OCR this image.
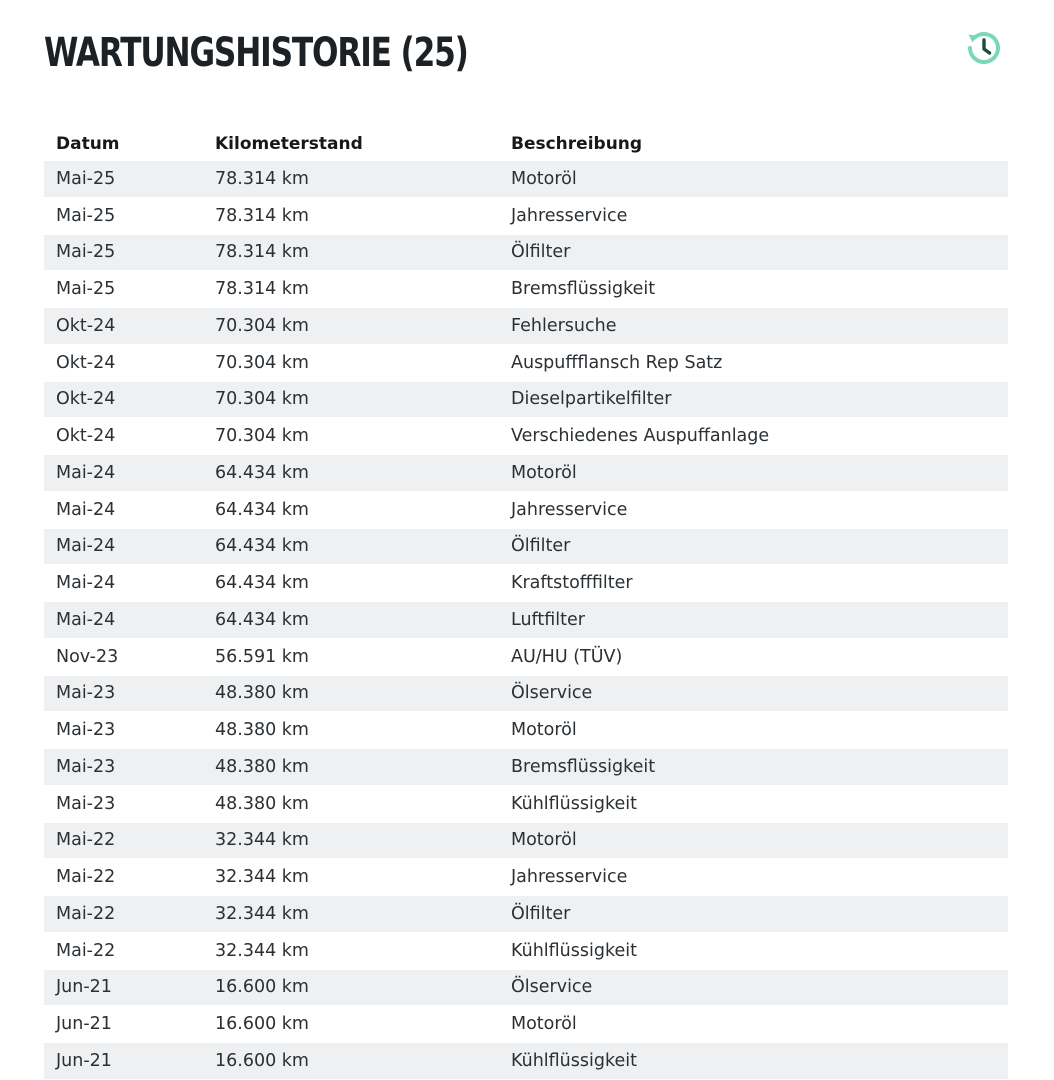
WARTUNGSHISTORIE (25)
Datum	Kilometerstand	Beschreibung
Mai-25	78.314 km	Motoröl
Mai-25	78.314 km	Jahresservice
Mai-25	78.314 km	Ölfilter
Mai-25	78.314 km	Bremsflüssigkeit
Okt-24	70.304 km	Fehlersuche
Okt-24	70.304 km	Auspuffflansch Rep Satz
Okt-24	70.304 km	Dieselpartikelfilter
Okt-24	70.304 km	Verschiedenes Auspuffanlage
Mai-24	64.434 km	Motoröl
Mai-24	64.434 km	Jahresservice
Mai-24	64.434 km	Ölfilter
Mai-24	64.434 km	Kraftstofffilter
Mai-24	64.434 km	Luftfilter
Nov-23	56.591 km	AU/HU (TÜV)
Mai-23	48.380 km	Ölservice
Mai-23	48.380 km	Motoröl
Mai-23	48.380 km	Bremsflüssigkeit
Mai-23	48.380 km	Kühlflüssigkeit
Mai-22	32.344 km	Motoröl
Mai-22	32.344 km	Jahresservice
Mai-22	32.344 km	Ölfilter
Mai-22	32.344 km	Kühlflüssigkeit
Jun-21	16.600 km	Ölservice
Jun-21	16.600 km	Motoröl
Jun-21	16.600 km	Kühlflüssigkeit
